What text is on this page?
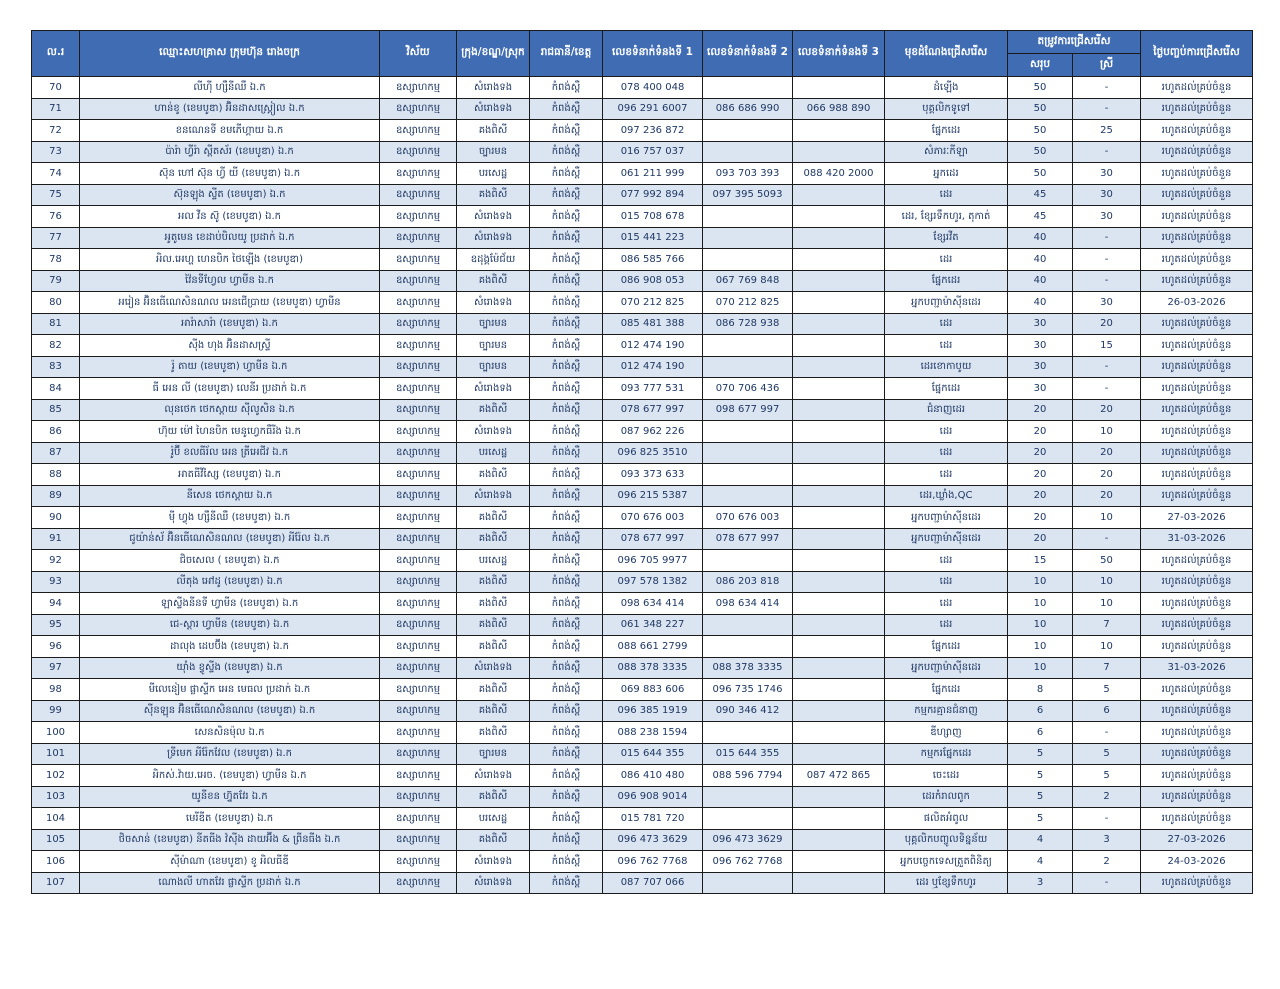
ល.រ	ឈ្មោះសហគ្រាស ក្រុមហ៊ុន រោងចក្រ	វិស័យ	ក្រុង/ខណ្ឌ/ស្រុក	រាជធានី/ខេត្ត	លេខទំនាក់ទំនងទី 1	លេខទំនាក់ទំនងទី 2	លេខទំនាក់ទំនងទី 3	មុខដំណែងជ្រើសរើស	តម្រូវការជ្រើសរើស		ថ្ងៃបញ្ចប់ការជ្រើសរើស
									សរុប	ស្រី	
70	លីហ៊ី ហ្សឺនីឈឺ ឯ.ក	ឧស្សាហកម្ម	សំរោងទង	កំពង់ស្ពឺ	078 400 048			ដំឡើង	50	-	រហូតដល់គ្រប់ចំនួន
71	ហាន់ខូ (ខេមបូឌា) អ៊ិនដាសស្រ្គៀល ឯ.ក	ឧស្សាហកម្ម	សំរោងទង	កំពង់ស្ពឺ	096 291 6007	086 686 990	066 988 890	បុគ្គលិកទូទៅ	50	-	រហូតដល់គ្រប់ចំនួន
72	ខនណេនទី ខមភើហ្គាយ ឯ.ក	ឧស្សាហកម្ម	គងពិសី	កំពង់ស្ពឺ	097 236 872			ផ្នែកដេរ	50	25	រហូតដល់គ្រប់ចំនួន
73	ប៉ារ៉ា ហ្វីរ៉ា ស្ពីតស័រ (ខេមបូឌា) ឯ.ក	ឧស្សាហកម្ម	ច្បារមន	កំពង់ស្ពឺ	016 757 037			សំភារៈកីឡា	50	-	រហូតដល់គ្រប់ចំនួន
74	ស៊ុន ហៅ ស៊ុន ហ្វី យី (ខេមបូឌា) ឯ.ក	ឧស្សាហកម្ម	បរសេដ្ឋ	កំពង់ស្ពឺ	061 211 999	093 703 393	088 420 2000	អ្នកដេរ	50	30	រហូតដល់គ្រប់ចំនួន
75	ស៊ុនឡុង ស្ទីត (ខេមបូឌា) ឯ.ក	ឧស្សាហកម្ម	គងពិសី	កំពង់ស្ពឺ	077 992 894	097 395 5093		ដេរ	45	30	រហូតដល់គ្រប់ចំនួន
76	អល វីន ស៊ូ (ខេមបូឌា) ឯ.ក	ឧស្សាហកម្ម	សំរោងទង	កំពង់ស្ពឺ	015 708 678			ដេរ, ខ្សែរទឹកហូរ, តុកាត់	45	30	រហូតដល់គ្រប់ចំនួន
77	អូតូមេន ខេដាប់បិលយូ ប្រដាក់ ឯ.ក	ឧស្សាហកម្ម	សំរោងទង	កំពង់ស្ពឺ	015 441 223			ខ្សែរវីត	40	-	រហូតដល់គ្រប់ចំនួន
78	អិល.អេហ្ហ ហេនបិក ថៃឡើង (ខេមបូឌា)	ឧស្សាហកម្ម	ឧដុង្គម៉ែជ័យ	កំពង់ស្ពឺ	086 585 766			ដេរ	40	-	រហូតដល់គ្រប់ចំនួន
79	វ៉ៃនទីហ្វែល ហ្វាមីន ឯ.ក	ឧស្សាហកម្ម	គងពិសី	កំពង់ស្ពឺ	086 908 053	067 769 848		ផ្នែកដេរ	40	-	រហូតដល់គ្រប់ចំនួន
80	អរៀន អ៊ិនធើណេសិនណល អេនជើប្រាយ (ខេមបូឌា) ហ្វាមីន	ឧស្សាហកម្ម	សំរោងទង	កំពង់ស្ពឺ	070 212 825	070 212 825		អ្នកបញ្ជាម៉ាស៊ីនដេរ	40	30	26-03-2026
81	អារ៉ាសារ៉ា (ខេមបូឌា) ឯ.ក	ឧស្សាហកម្ម	ច្បារមន	កំពង់ស្ពឺ	085 481 388	086 728 938		ដេរ	30	20	រហូតដល់គ្រប់ចំនួន
82	ស៊ីង ហុង អ៊ិនដាសស្ទ្រី	ឧស្សាហកម្ម	ច្បារមន	កំពង់ស្ពឺ	012 474 190			ដេរ	30	15	រហូតដល់គ្រប់ចំនួន
83	រ៉ូ តាយ (ខេមបូឌា) ហ្វាមីន ឯ.ក	ឧស្សាហកម្ម	ច្បារមន	កំពង់ស្ពឺ	012 474 190			ដេរខោកាបូយ	30	-	រហូតដល់គ្រប់ចំនួន
84	ធី អេន លី (ខេមបូឌា) លេនីរ ប្រដាក់ ឯ.ក	ឧស្សាហកម្ម	សំរោងទង	កំពង់ស្ពឺ	093 777 531	070 706 436		ផ្នែកដេរ	30	-	រហូតដល់គ្រប់ចំនួន
85	លុនថេក ថេកស្តាយ ស៊ីលូសិន ឯ.ក	ឧស្សាហកម្ម	គងពិសី	កំពង់ស្ពឺ	078 677 997	098 677 997		ជំនាញដេរ	20	20	រហូតដល់គ្រប់ចំនួន
86	ហ៊ុយ ម៉ៅ ហៃនបិក មេនូហ្វេកធឺរីង ឯ.ក	ឧស្សាហកម្ម	សំរោងទង	កំពង់ស្ពឺ	087 962 226			ដេរ	20	10	រហូតដល់គ្រប់ចំនួន
87	រ៉ូប៊ី ខលធីរ័ល អេន ត្រីអេជីវ ឯ.ក	ឧស្សាហកម្ម	បរសេដ្ឋ	កំពង់ស្ពឺ	096 825 3510			ដេរ	20	20	រហូតដល់គ្រប់ចំនួន
88	អាតធីវីស្សៃ (ខេមបូឌា) ឯ.ក	ឧស្សាហកម្ម	គងពិសី	កំពង់ស្ពឺ	093 373 633			ដេរ	20	20	រហូតដល់គ្រប់ចំនួន
89	នីសេន ថេកស្តាយ ឯ.ក	ឧស្សាហកម្ម	សំរោងទង	កំពង់ស្ពឺ	096 215 5387			ដេរ,ឃ្លាំង,QC	20	20	រហូតដល់គ្រប់ចំនួន
90	ម៉ី ហ្វុង ហ្សឺនីឈឺ (ខេមបូឌា) ឯ.ក	ឧស្សាហកម្ម	គងពិសី	កំពង់ស្ពឺ	070 676 003	070 676 003		អ្នកបញ្ជាម៉ាស៊ីនដេរ	20	10	27-03-2026
91	ជូយ៉ាន់ស័ អ៊ិនធើណេសិនណល (ខេមបូឌា) អីរ៉ែល ឯ.ក	ឧស្សាហកម្ម	គងពិសី	កំពង់ស្ពឺ	078 677 997	078 677 997		អ្នកបញ្ជាម៉ាស៊ីនដេរ	20	-	31-03-2026
92	ជិចសេល ( ខេមបូឌា) ឯ.ក	ឧស្សាហកម្ម	បរសេដ្ឋ	កំពង់ស្ពឺ	096 705 9977			ដេរ	15	50	រហូតដល់គ្រប់ចំនួន
93	លីតុង អៅដូ (ខេមបូឌា) ឯ.ក	ឧស្សាហកម្ម	គងពិសី	កំពង់ស្ពឺ	097 578 1382	086 203 818		ដេរ	10	10	រហូតដល់គ្រប់ចំនួន
94	ឡាស្ទីងនីនទី ហ្វាមីន (ខេមបូឌា) ឯ.ក	ឧស្សាហកម្ម	គងពិសី	កំពង់ស្ពឺ	098 634 414	098 634 414		ដេរ	10	10	រហូតដល់គ្រប់ចំនួន
95	ជេ-ស្តារ ហ្វាមីន (ខេមបូឌា) ឯ.ក	ឧស្សាហកម្ម	គងពិសី	កំពង់ស្ពឺ	061 348 227			ដេរ	10	7	រហូតដល់គ្រប់ចំនួន
96	ដាលុង ដេបប៊ីង (ខេមបូឌា) ឯ.ក	ឧស្សាហកម្ម	គងពិសី	កំពង់ស្ពឺ	088 661 2799			ផ្នែកដេរ	10	10	រហូតដល់គ្រប់ចំនួន
97	យ៉ាំង ខ្វូស្ទីង (ខេមបូឌា) ឯ.ក	ឧស្សាហកម្ម	សំរោងទង	កំពង់ស្ពឺ	088 378 3335	088 378 3335		អ្នកបញ្ជាម៉ាស៊ីនដេរ	10	7	31-03-2026
98	មីលេនៀម ផ្លាស្ទីក អេន មេធល ប្រដាក់ ឯ.ក	ឧស្សាហកម្ម	គងពិសី	កំពង់ស្ពឺ	069 883 606	096 735 1746		ផ្នែកដេរ	8	5	រហូតដល់គ្រប់ចំនួន
99	ស៊ីនឡុន អ៊ិនធើណេសិនណល (ខេមបូឌា) ឯ.ក	ឧស្សាហកម្ម	គងពិសី	កំពង់ស្ពឺ	096 385 1919	090 346 412		កម្មករគ្មានជំនាញ	6	6	រហូតដល់គ្រប់ចំនួន
100	សេនសិនម៉ុល ឯ.ក	ឧស្សាហកម្ម	គងពិសី	កំពង់ស្ពឺ	088 238 1594			ឌីហ្សាញ	6	-	រហូតដល់គ្រប់ចំនួន
101	ទ្រីមេក អីរ៉ែកវែល (ខេមបូឌា) ឯ.ក	ឧស្សាហកម្ម	ច្បារមន	កំពង់ស្ពឺ	015 644 355	015 644 355		កម្មករផ្នែកដេរ	5	5	រហូតដល់គ្រប់ចំនួន
102	អិកស់.វ៉ាយ.អេច. (ខេមបូឌា) ហ្វាមីន ឯ.ក	ឧស្សាហកម្ម	សំរោងទង	កំពង់ស្ពឺ	086 410 480	088 596 7794	087 472 865	ចេះដេរ	5	5	រហូតដល់គ្រប់ចំនួន
103	យូនីខន ហ្វ៊ុតវែរ ឯ.ក	ឧស្សាហកម្ម	គងពិសី	កំពង់ស្ពឺ	096 908 9014			ដេរកំរាលពូក	5	2	រហូតដល់គ្រប់ចំនួន
104	មេរីឌីត (ខេមបូឌា) ឯ.ក	ឧស្សាហកម្ម	បរសេដ្ឋ	កំពង់ស្ពឺ	015 781 720			ផលិតអំពូល	5	-	រហូតដល់គ្រប់ចំនួន
105	ថិចសាន់ (ខេមបូឌា) នីតធីង វ៉ស៊ីង ដាយអ៊ីង & ព្រីនធីង ឯ.ក	ឧស្សាហកម្ម	គងពិសី	កំពង់ស្ពឺ	096 473 3629	096 473 3629		បុគ្គលិកបញ្ចូលទិន្នន័យ	4	3	27-03-2026
106	ស៊ីម៉ាណា (ខេមបូឌា) ខូ អិលធីឌី	ឧស្សាហកម្ម	សំរោងទង	កំពង់ស្ពឺ	096 762 7768	096 762 7768		អ្នកបច្ចេកទេសត្រួតពិនិត្យ	4	2	24-03-2026
107	ណោងលី ហាតវែរ ផ្លាស្ទីក ប្រដាក់ ឯ.ក	ឧស្សាហកម្ម	សំរោងទង	កំពង់ស្ពឺ	087 707 066			ដេរ ឬខ្សែទឹកហូរ	3	-	រហូតដល់គ្រប់ចំនួន
